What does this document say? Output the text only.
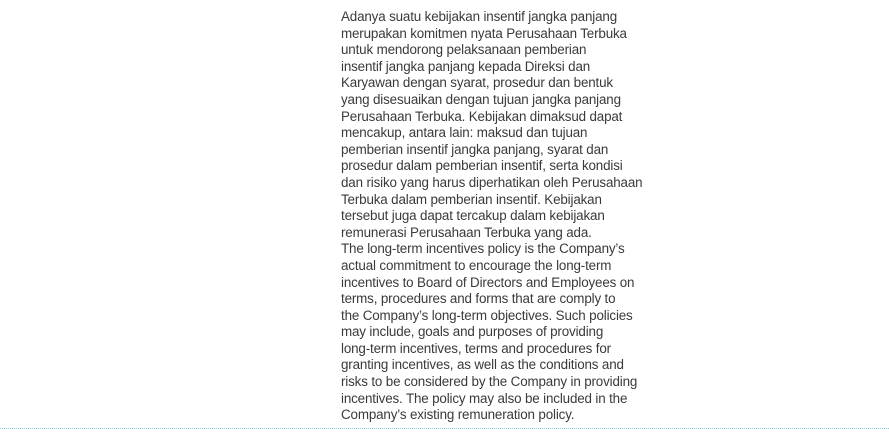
Adanya suatu kebijakan insentif jangka panjang
merupakan komitmen nyata Perusahaan Terbuka
untuk mendorong pelaksanaan pemberian
insentif jangka panjang kepada Direksi dan
Karyawan dengan syarat, prosedur dan bentuk
yang disesuaikan dengan tujuan jangka panjang
Perusahaan Terbuka. Kebijakan dimaksud dapat
mencakup, antara lain: maksud dan tujuan
pemberian insentif jangka panjang, syarat dan
prosedur dalam pemberian insentif, serta kondisi
dan risiko yang harus diperhatikan oleh Perusahaan
Terbuka dalam pemberian insentif. Kebijakan
tersebut juga dapat tercakup dalam kebijakan
remunerasi Perusahaan Terbuka yang ada.
The long-term incentives policy is the Company’s
actual commitment to encourage the long-term
incentives to Board of Directors and Employees on
terms, procedures and forms that are comply to
the Company’s long-term objectives. Such policies
may include, goals and purposes of providing
long-term incentives, terms and procedures for
granting incentives, as well as the conditions and
risks to be considered by the Company in providing
incentives. The policy may also be included in the
Company’s existing remuneration policy.
